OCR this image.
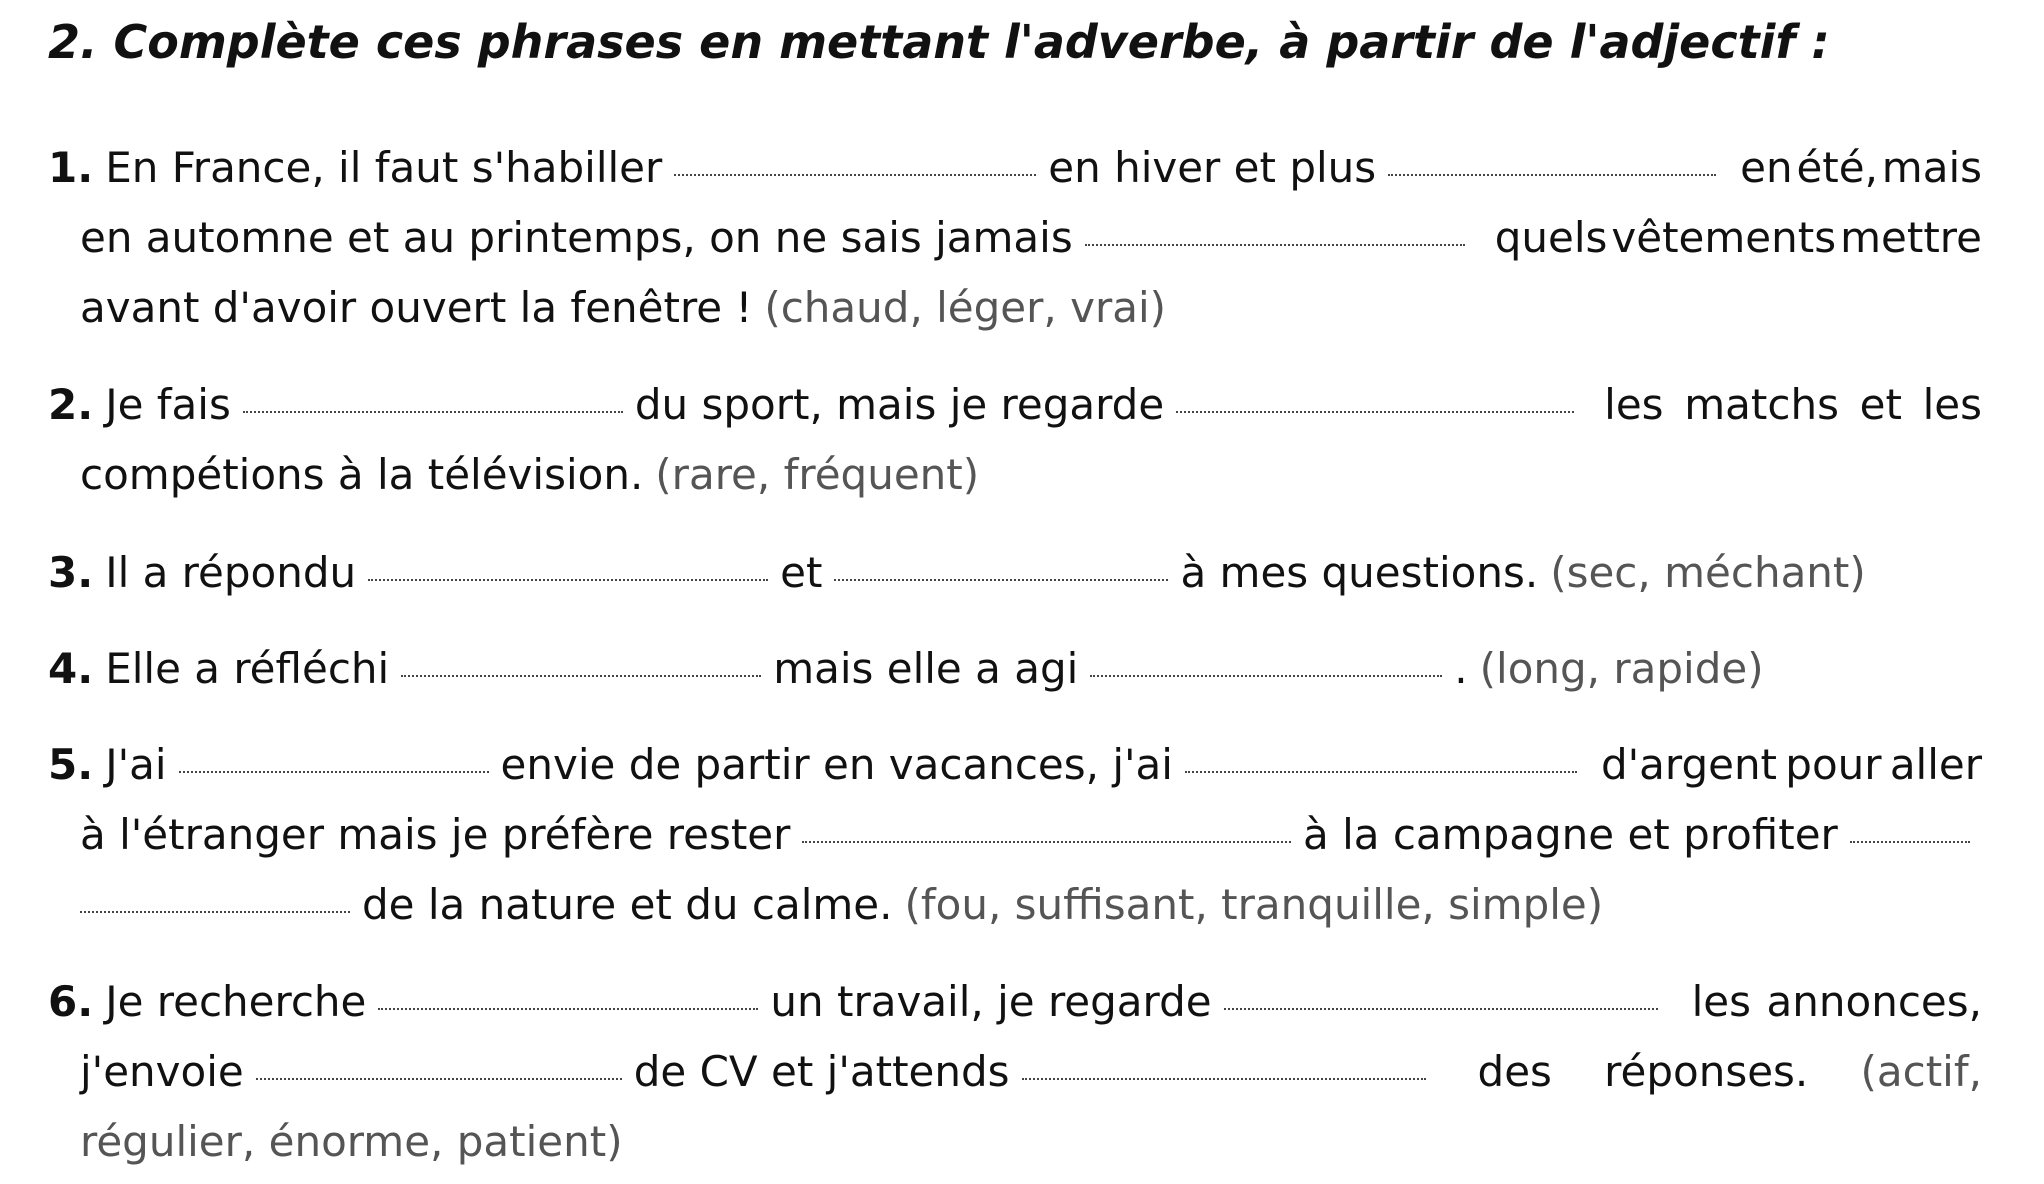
2. Complète ces phrases en mettant l'adverbe, à partir de l'adjectif :
1. En France, il faut s'habiller	en hiver et plus	en été, mais
en automne et au printemps, on ne sais jamais	quels vêtements mettre
avant d'avoir ouvert la fenêtre ! (chaud, léger, vrai)
2. Je fais	du sport, mais je regarde	les matchs et les
compétions à la télévision. (rare, fréquent)
3. Il a répondu	et	à mes questions. (sec, méchant)
4. Elle a réfléchi	mais elle a agi	. (long, rapide)
5. J'ai	envie de partir en vacances, j'ai	d'argent pour aller
à l'étranger mais je préfère rester	à la campagne et profiter
de la nature et du calme. (fou, suffisant, tranquille, simple)
6. Je recherche	un travail, je regarde	les annonces,
j'envoie	de CV et j'attends	des réponses. (actif,
régulier, énorme, patient)
